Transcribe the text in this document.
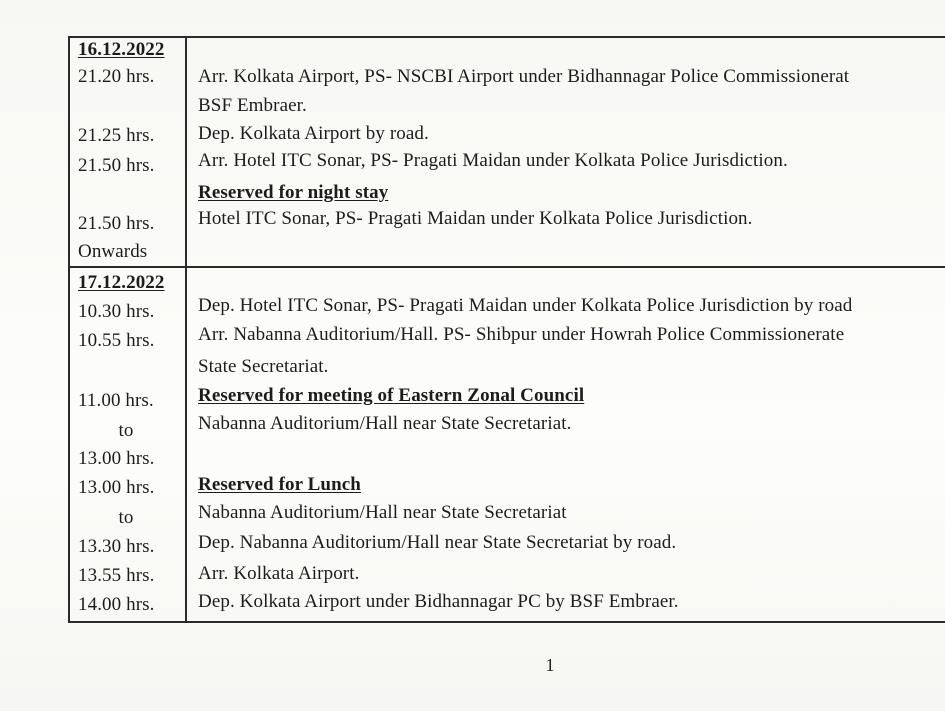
16.12.2022
21.20 hrs. Arr. Kolkata Airport, PS- NSCBI Airport under Bidhannagar Police Commissionerat
BSF Embraer.
21.25 hrs. Dep. Kolkata Airport by road.
21.50 hrs. Arr. Hotel ITC Sonar, PS- Pragati Maidan under Kolkata Police Jurisdiction.
Reserved for night stay
21.50 hrs. Hotel ITC Sonar, PS- Pragati Maidan under Kolkata Police Jurisdiction.
Onwards
17.12.2022
10.30 hrs. Dep. Hotel ITC Sonar, PS- Pragati Maidan under Kolkata Police Jurisdiction by road
10.55 hrs. Arr. Nabanna Auditorium/Hall. PS- Shibpur under Howrah Police Commissionerate
State Secretariat.
11.00 hrs. Reserved for meeting of Eastern Zonal Council
to	Nabanna Auditorium/Hall near State Secretariat.
13.00 hrs.
13.00 hrs. Reserved for Lunch
to	Nabanna Auditorium/Hall near State Secretariat
13.30 hrs. Dep. Nabanna Auditorium/Hall near State Secretariat by road.
13.55 hrs. Arr. Kolkata Airport.
14.00 hrs. Dep. Kolkata Airport under Bidhannagar PC by BSF Embraer.
1
